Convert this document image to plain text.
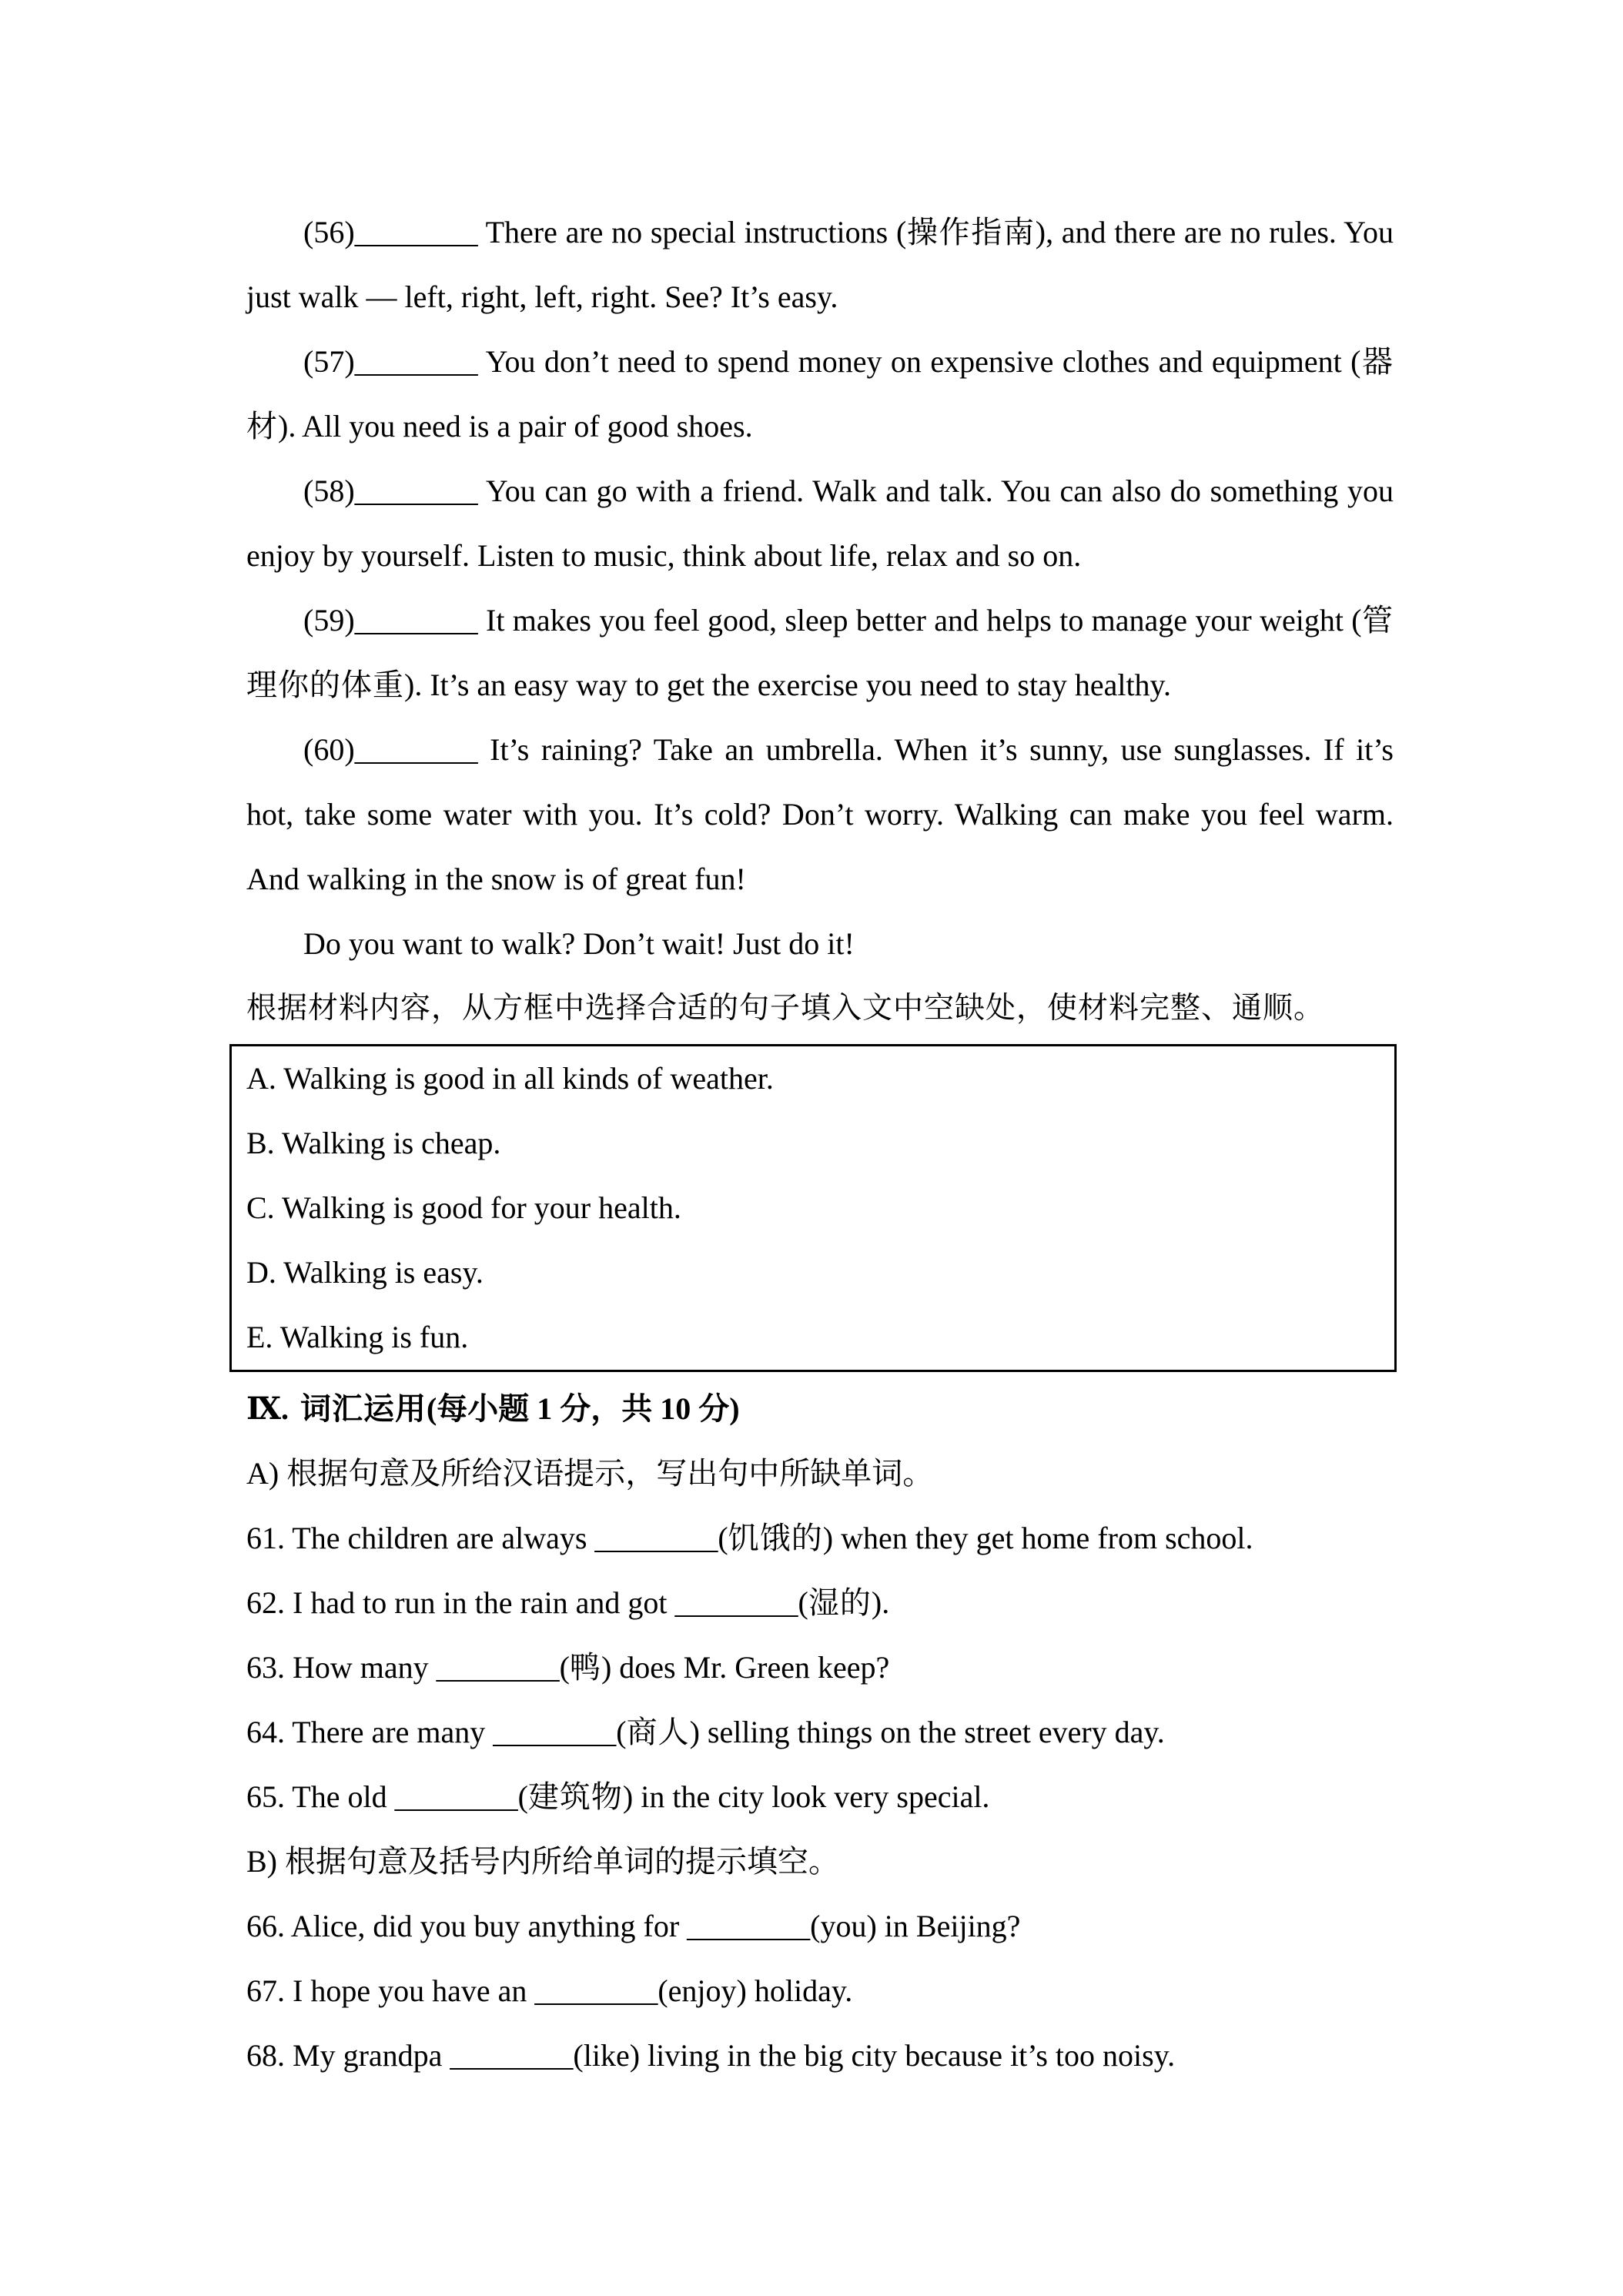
(56)________ There are no special instructions (操作指南), and there are no rules. You just walk — left, right, left, right. See? It’s easy.

(57)________ You don’t need to spend money on expensive clothes and equipment (器材). All you need is a pair of good shoes.

(58)________ You can go with a friend. Walk and talk. You can also do something you enjoy by yourself. Listen to music, think about life, relax and so on.

(59)________ It makes you feel good, sleep better and helps to manage your weight (管理你的体重). It’s an easy way to get the exercise you need to stay healthy.

(60)________ It’s raining? Take an umbrella. When it’s sunny, use sunglasses. If it’s hot, take some water with you. It’s cold? Don’t worry. Walking can make you feel warm. And walking in the snow is of great fun!

Do you want to walk? Don’t wait! Just do it!

根据材料内容，从方框中选择合适的句子填入文中空缺处，使材料完整、通顺。

A. Walking is good in all kinds of weather.

B. Walking is cheap.

C. Walking is good for your health.

D. Walking is easy.

E. Walking is fun.

Ⅸ. 词汇运用(每小题 1 分，共 10 分)

A) 根据句意及所给汉语提示，写出句中所缺单词。

61. The children are always ________(饥饿的) when they get home from school.

62. I had to run in the rain and got ________(湿的).

63. How many ________(鸭) does Mr. Green keep?

64. There are many ________(商人) selling things on the street every day.

65. The old ________(建筑物) in the city look very special.

B) 根据句意及括号内所给单词的提示填空。

66. Alice, did you buy anything for ________(you) in Beijing?

67. I hope you have an ________(enjoy) holiday.

68. My grandpa ________(like) living in the big city because it’s too noisy.
